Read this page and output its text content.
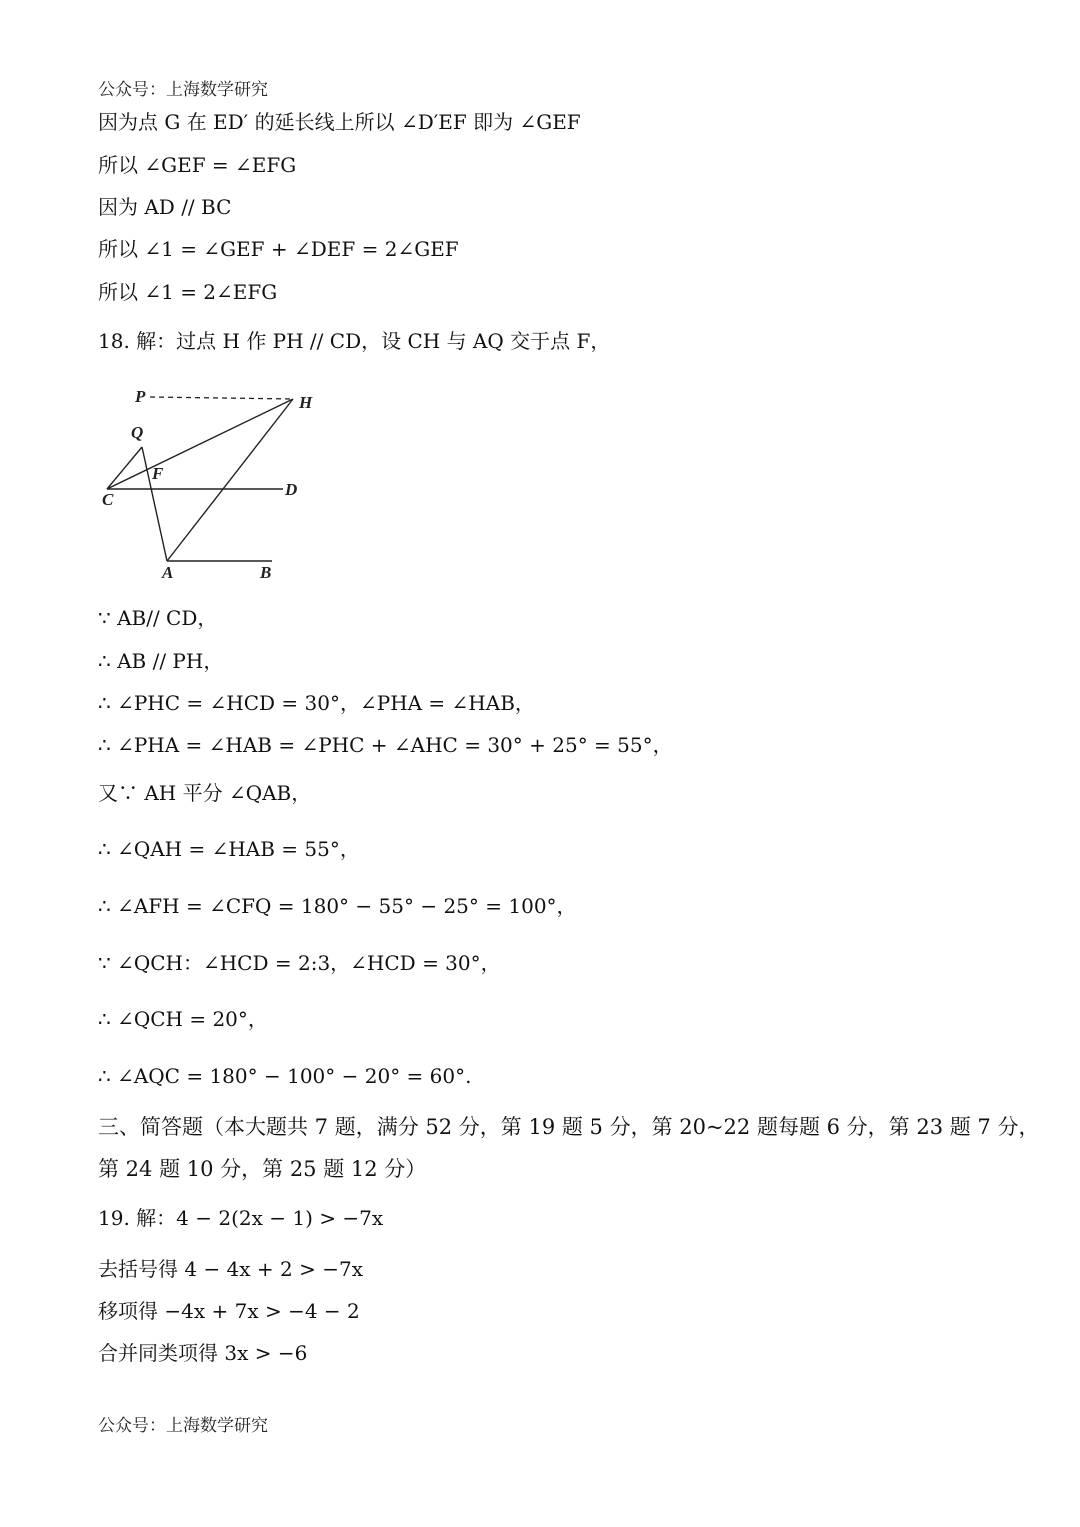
公众号：上海数学研究
因为点 G 在 ED′ 的延长线上所以 ∠D′EF 即为 ∠GEF
所以 ∠GEF = ∠EFG
因为 AD // BC
所以 ∠1 = ∠GEF + ∠DEF = 2∠GEF
所以 ∠1 = 2∠EFG
18. 解：过点 H 作 PH // CD，设 CH 与 AQ 交于点 F，
P	H
Q
F
C
D
A	B
∵ AB// CD，
∴ AB // PH，
∴ ∠PHC = ∠HCD = 30°，∠PHA = ∠HAB，
∴ ∠PHA = ∠HAB = ∠PHC + ∠AHC = 30° + 25° = 55°，
又∵ AH 平分 ∠QAB，
∴ ∠QAH = ∠HAB = 55°，
∴ ∠AFH = ∠CFQ = 180° − 55° − 25° = 100°，
∵ ∠QCH：∠HCD = 2:3，∠HCD = 30°，
∴ ∠QCH = 20°，
∴ ∠AQC = 180° − 100° − 20° = 60°.
三、简答题（本大题共 7 题，满分 52 分，第 19 题 5 分，第 20~22 题每题 6 分，第 23 题 7 分，
第 24 题 10 分，第 25 题 12 分）
19. 解：4 − 2(2x − 1) > −7x
去括号得 4 − 4x + 2 > −7x
移项得 −4x + 7x > −4 − 2
合并同类项得 3x > −6
公众号：上海数学研究
